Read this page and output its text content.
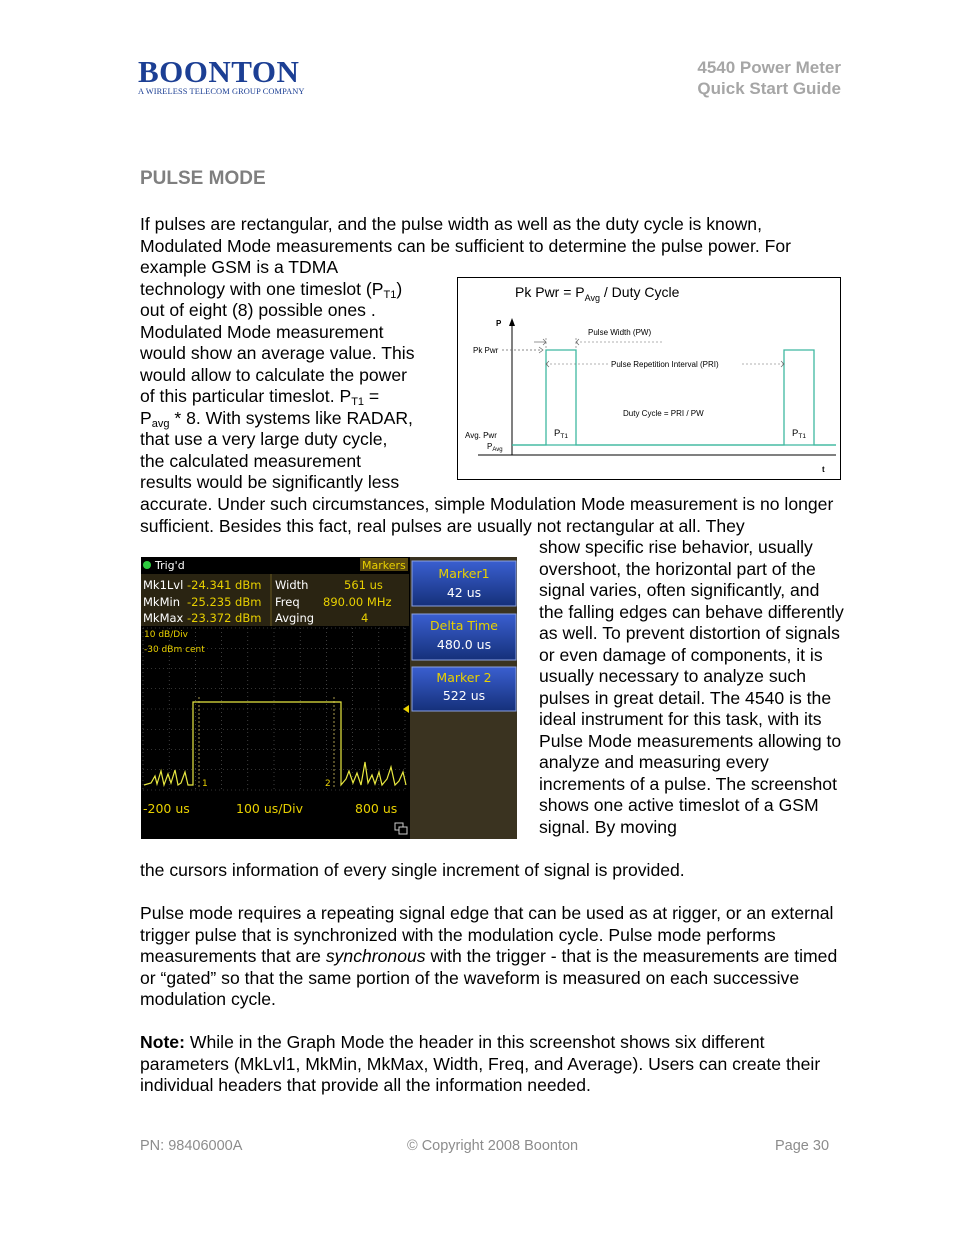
BOONTON
A WIRELESS TELECOM GROUP COMPANY
4540 Power Meter
Quick Start Guide
PULSE MODE
If pulses are rectangular, and the pulse width as well as the duty cycle is known, Modulated Mode measurements can be sufficient to determine the pulse power. For
example GSM is a TDMA
technology with one timeslot $(P_{T1})$
out of eight (8) possible ones .
Modulated Mode measurement
would show an average value. This
would allow to calculate the power
of this particular timeslot. $P_{T1}$ =
$P_{avg} * 8$. With systems like RADAR,
that use a very large duty cycle,
the calculated measurement
results would be significantly less
accurate. Under such circumstances, simple Modulation Mode measurement is no longer sufficient. Besides this fact, real pulses are usually not rectangular at all. They
Pk Pwr = $P_{Avg}$ / Duty Cycle
P
t
Pk Pwr
Avg. Pwr
$P_{Avg}$
Pulse Width (PW)
Pulse Repetition Interval (PRI)
Duty Cycle = PRI / PW
$P_{T1}$	$P_{T1}$
Trig'd	Markers
Mk1Lvl -24.341 dBm Width	561 us
MkMin -25.235 dBm Freq 890.00 MHz
MkMax -23.372 dBm Avging	4
10 dB/Div
-30 dBm cent
1	2
-200 us	100 us/Div	800 us
Marker1
42 us
Delta Time
480.0 us
Marker 2
522 us
show specific rise behavior, usually overshoot, the horizontal part of the signal varies, often significantly, and the falling edges can behave differently as well. To prevent distortion of signals or even damage of components, it is usually necessary to analyze such pulses in great detail. The 4540 is the ideal instrument for this task, with its Pulse Mode measurements allowing to analyze and measuring every increments of a pulse. The screenshot shows one active timeslot of a GSM signal. By moving
the cursors information of every single increment of signal is provided.
Pulse mode requires a repeating signal edge that can be used as at rigger, or an external trigger pulse that is synchronized with the modulation cycle. Pulse mode performs measurements that are synchronous with the trigger - that is the measurements are timed or “gated” so that the same portion of the waveform is measured on each successive modulation cycle.
Note: While in the Graph Mode the header in this screenshot shows six different parameters (MkLvl1, MkMin, MkMax, Width, Freq, and Average). Users can create their individual headers that provide all the information needed.
PN: 98406000A	© Copyright 2008 Boonton	Page 30
